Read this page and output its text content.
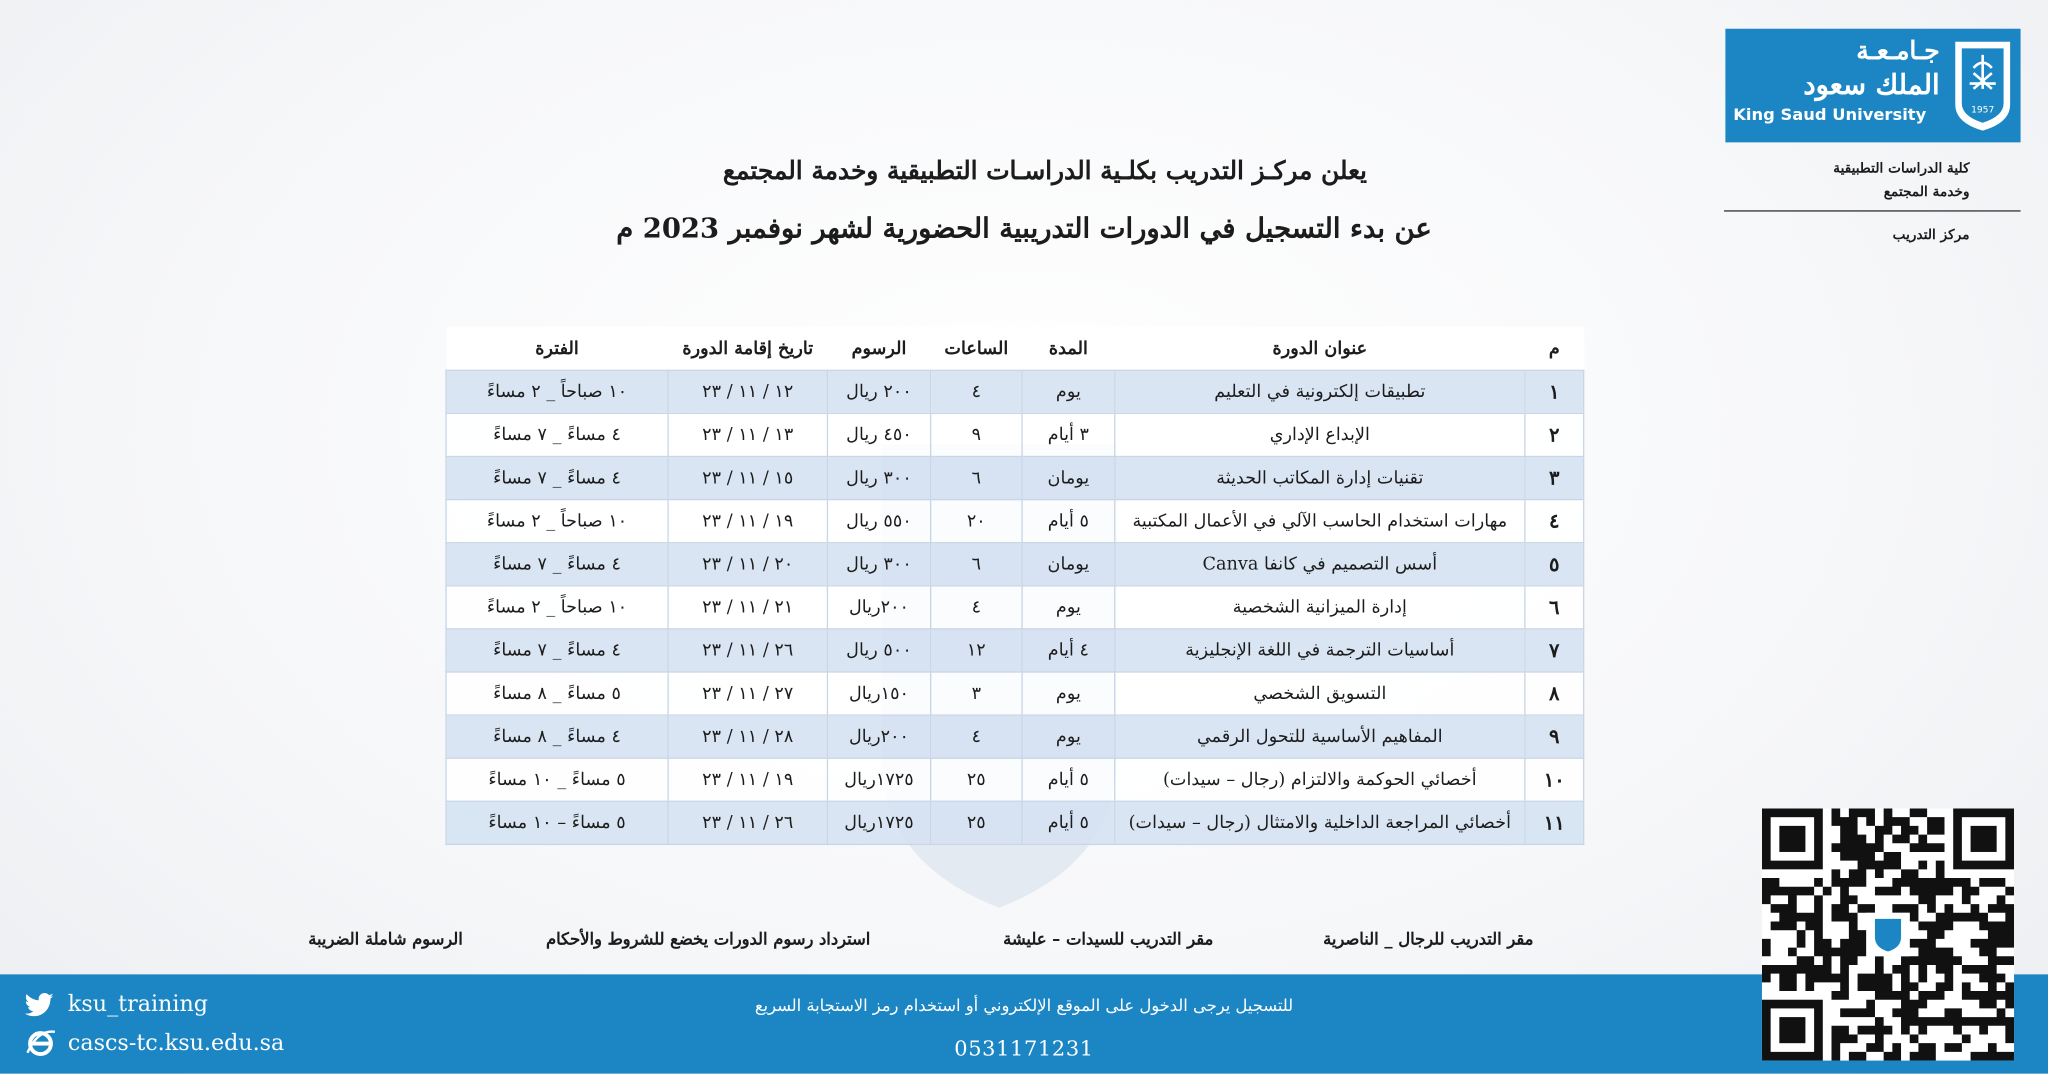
1957
جـامـعـة
الملك سعود
King Saud University
كلية الدراسات التطبيقية
وخدمة المجتمع
مركز التدريب
يعلن مركـز التدريب بكلـية الدراسـات التطبيقية وخدمة المجتمع
عن بدء التسجيل في الدورات التدريبية الحضورية لشهر نوفمبر 2023 م
م	عنوان الدورة	المدة	الساعات	الرسوم	تاريخ إقامة الدورة	الفترة
١	تطبيقات إلكترونية في التعليم	يوم	٤	٢٠٠ ريال	١٢ / ١١ / ٢٣	١٠ صباحاً _ ٢ مساءً
٢	الإبداع الإداري	٣ أيام	٩	٤٥٠ ريال	١٣ / ١١ / ٢٣	٤ مساءً _ ٧ مساءً
٣	تقنيات إدارة المكاتب الحديثة	يومان	٦	٣٠٠ ريال	١٥ / ١١ / ٢٣	٤ مساءً _ ٧ مساءً
٤	مهارات استخدام الحاسب الآلي في الأعمال المكتبية	٥ أيام	٢٠	٥٥٠ ريال	١٩ / ١١ / ٢٣	١٠ صباحاً _ ٢ مساءً
٥	أسس التصميم في كانفا Canva	يومان	٦	٣٠٠ ريال	٢٠ / ١١ / ٢٣	٤ مساءً _ ٧ مساءً
٦	إدارة الميزانية الشخصية	يوم	٤	٢٠٠ريال	٢١ / ١١ / ٢٣	١٠ صباحاً _ ٢ مساءً
٧	أساسيات الترجمة في اللغة الإنجليزية	٤ أيام	١٢	٥٠٠ ريال	٢٦ / ١١ / ٢٣	٤ مساءً _ ٧ مساءً
٨	التسويق الشخصي	يوم	٣	١٥٠ريال	٢٧ / ١١ / ٢٣	٥ مساءً _ ٨ مساءً
٩	المفاهيم الأساسية للتحول الرقمي	يوم	٤	٢٠٠ريال	٢٨ / ١١ / ٢٣	٤ مساءً _ ٨ مساءً
١٠	أخصائي الحوكمة والالتزام (رجال – سيدات)	٥ أيام	٢٥	١٧٢٥ريال	١٩ / ١١ / ٢٣	٥ مساءً _ ١٠ مساءً
١١	أخصائي المراجعة الداخلية والامتثال (رجال – سيدات)	٥ أيام	٢٥	١٧٢٥ريال	٢٦ / ١١ / ٢٣	٥ مساءً – ١٠ مساءً
مقر التدريب للرجال _ الناصرية
مقر التدريب للسيدات – عليشة
استرداد رسوم الدورات يخضع للشروط والأحكام
الرسوم شاملة الضريبة
للتسجيل يرجى الدخول على الموقع الإلكتروني أو استخدام رمز الاستجابة السريع
0531171231
ksu_training
cascs-tc.ksu.edu.sa
